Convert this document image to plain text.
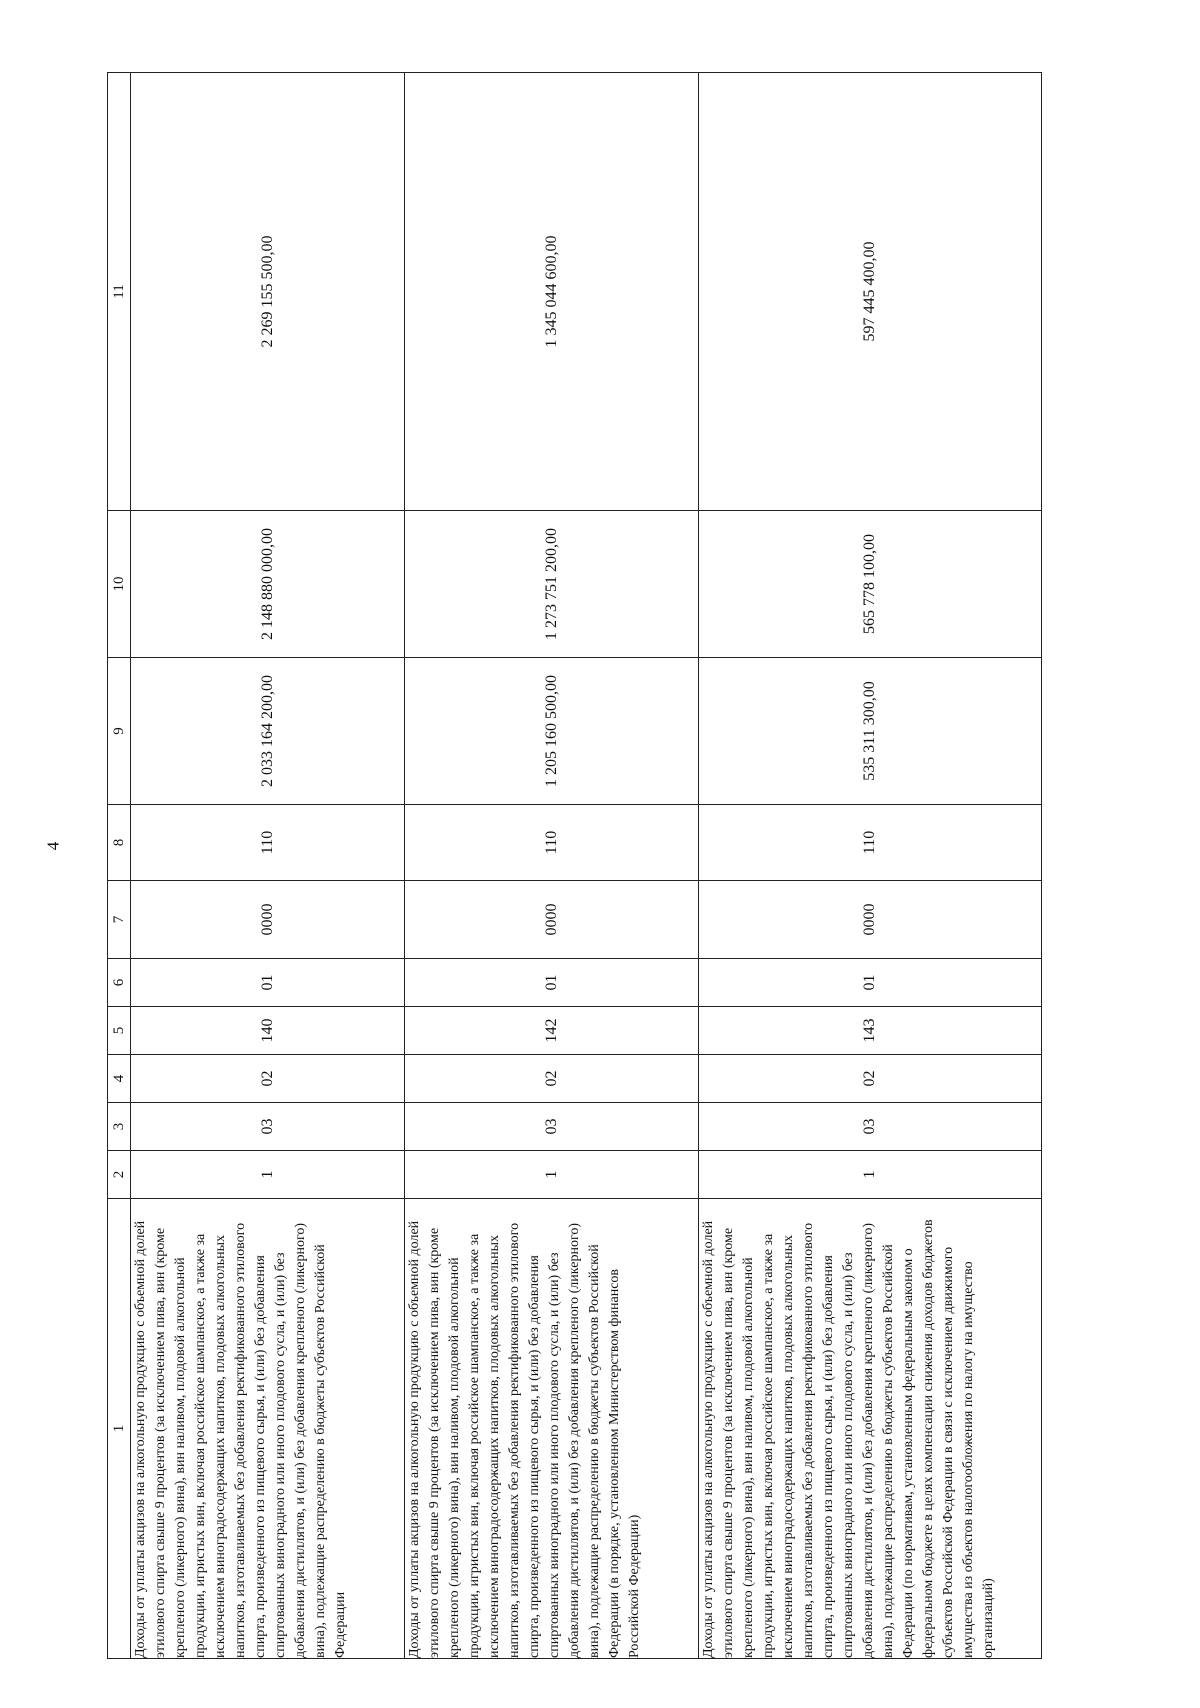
4
1	2	3	4	5	6	7	8	9	10	11
Доходы от уплаты акцизов на алкогольную продукцию с объемной долей этилового спирта свыше 9 процентов (за исключением пива, вин (кроме крепленого (ликерного) вина), вин наливом, плодовой алкогольной продукции, игристых вин, включая российское шампанское, а также за исключением виноградосодержащих напитков, плодовых алкогольных напитков, изготавливаемых без добавления ректификованного этилового спирта, произведенного из пищевого сырья, и (или) без добавления спиртованных виноградного или иного плодового сусла, и (или) без добавления дистиллятов, и (или) без добавления крепленого (ликерного) вина), подлежащие распределению в бюджеты субъектов Российской Федерации	1	03	02	140	01	0000	110	2 033 164 200,00	2 148 880 000,00	2 269 155 500,00
Доходы от уплаты акцизов на алкогольную продукцию с объемной долей этилового спирта свыше 9 процентов (за исключением пива, вин (кроме крепленого (ликерного) вина), вин наливом, плодовой алкогольной продукции, игристых вин, включая российское шампанское, а также за исключением виноградосодержащих напитков, плодовых алкогольных напитков, изготавливаемых без добавления ректификованного этилового спирта, произведенного из пищевого сырья, и (или) без добавления спиртованных виноградного или иного плодового сусла, и (или) без добавления дистиллятов, и (или) без добавления крепленого (ликерного) вина), подлежащие распределению в бюджеты субъектов Российской Федерации (в порядке, установленном Министерством финансов Российской Федерации)	1	03	02	142	01	0000	110	1 205 160 500,00	1 273 751 200,00	1 345 044 600,00
Доходы от уплаты акцизов на алкогольную продукцию с объемной долей этилового спирта свыше 9 процентов (за исключением пива, вин (кроме крепленого (ликерного) вина), вин наливом, плодовой алкогольной продукции, игристых вин, включая российское шампанское, а также за исключением виноградосодержащих напитков, плодовых алкогольных напитков, изготавливаемых без добавления ректификованного этилового спирта, произведенного из пищевого сырья, и (или) без добавления спиртованных виноградного или иного плодового сусла, и (или) без добавления дистиллятов, и (или) без добавления крепленого (ликерного) вина), подлежащие распределению в бюджеты субъектов Российской Федерации (по нормативам, установленным федеральным законом о федеральном бюджете в целях компенсации снижения доходов бюджетов субъектов Российской Федерации в связи с исключением движимого имущества из объектов налогообложения по налогу на имущество организаций)	1	03	02	143	01	0000	110	535 311 300,00	565 778 100,00	597 445 400,00
